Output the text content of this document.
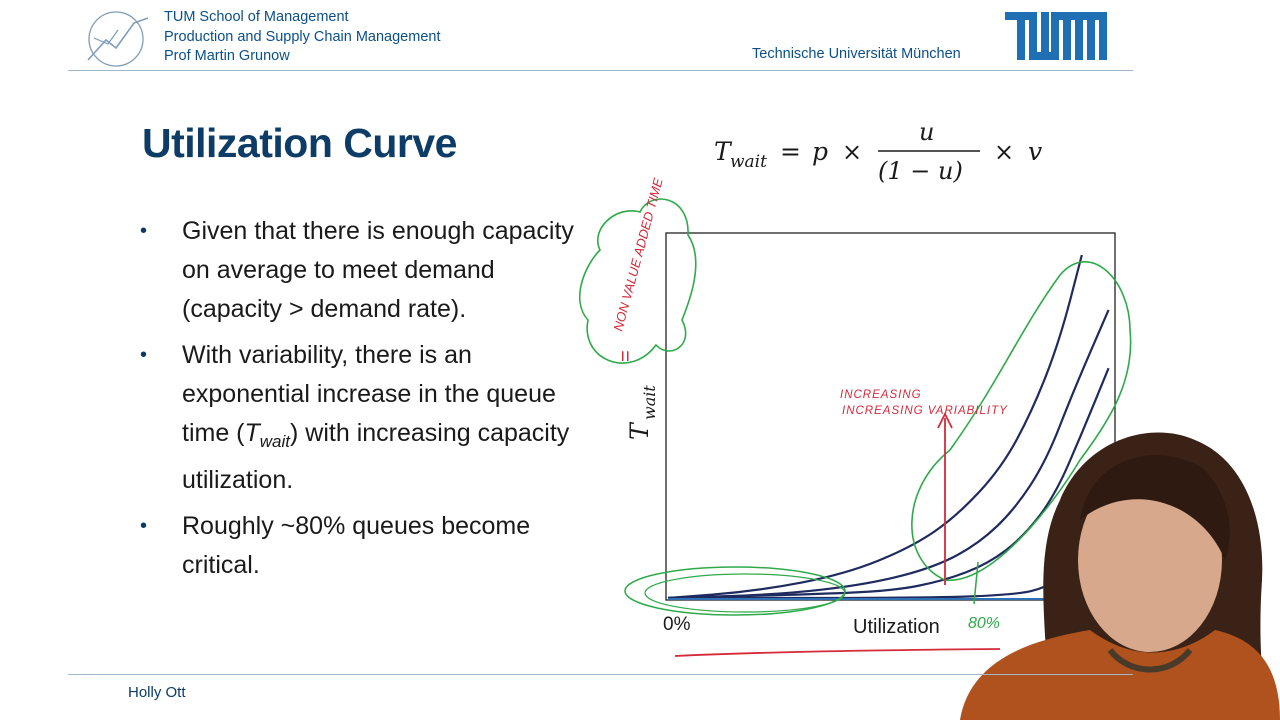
TUM School of Management
Production and Supply Chain Management
Prof Martin Grunow	Technische Universität München
Utilization Curve	T wait = p ×
u
(1 − u)
× v
• Given that there is enough capacity on average to meet demand (capacity > demand rate).
• With variability, there is an exponential increase in the queue time $(T_{wait})$ with increasing capacity utilization.
• Roughly ~80% queues become critical.
T
wait
0%	Utilization
NON VALUE ADDED TIME
=
INCREASING
INCREASING VARIABILITY
80%
Holly Ott
